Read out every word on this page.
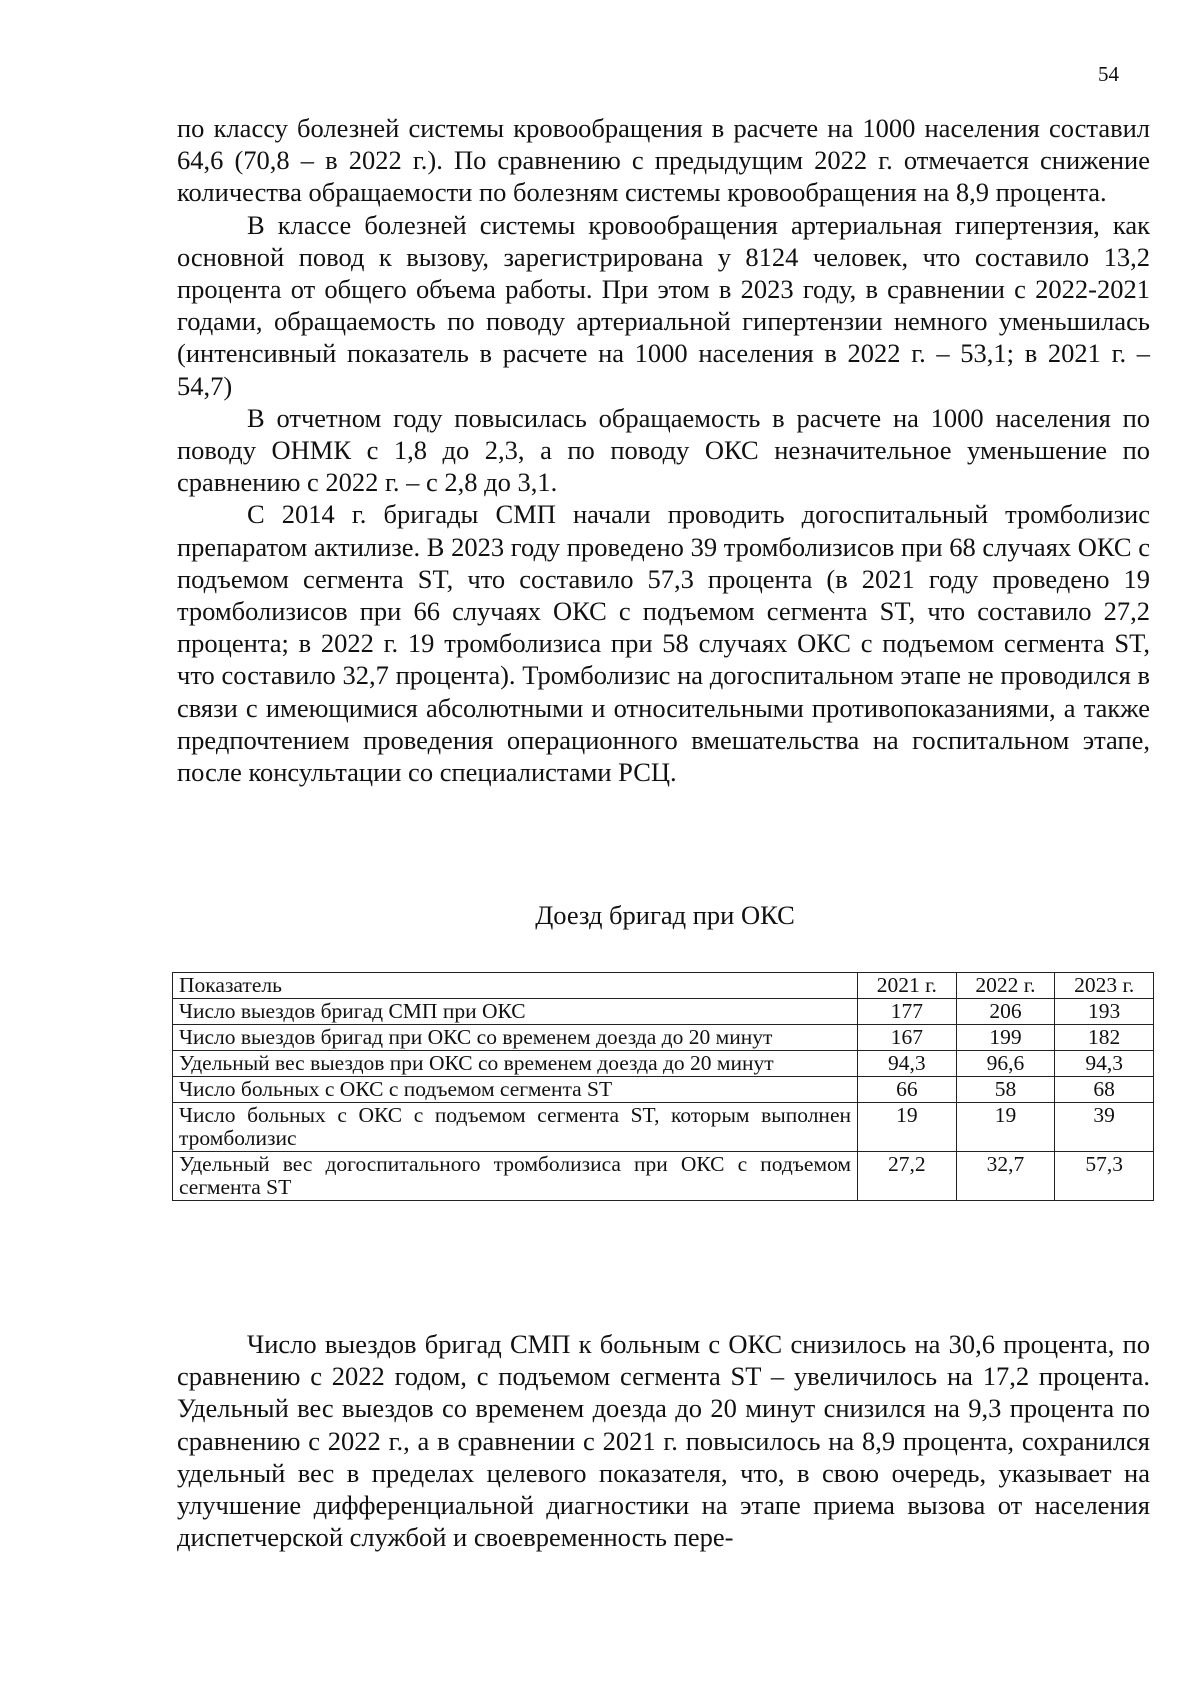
54

по классу болезней системы кровообращения в расчете на 1000 населения составил 64,6 (70,8 – в 2022 г.). По сравнению с предыдущим 2022 г. отмечается снижение количества обращаемости по болезням системы кровообращения на 8,9 процента.

В классе болезней системы кровообращения артериальная гипертензия, как основной повод к вызову, зарегистрирована у 8124 человек, что составило 13,2 процента от общего объема работы. При этом в 2023 году, в сравнении с 2022-2021 годами, обращаемость по поводу артериальной гипертензии немного уменьшилась (интенсивный показатель в расчете на 1000 населения в 2022 г. – 53,1; в 2021 г. – 54,7)

В отчетном году повысилась обращаемость в расчете на 1000 населения по поводу ОНМК с 1,8 до 2,3, а по поводу ОКС незначительное уменьшение по сравнению с 2022 г. – с 2,8 до 3,1.

С 2014 г. бригады СМП начали проводить догоспитальный тромболизис препаратом актилизе. В 2023 году проведено 39 тромболизисов при 68 случаях ОКС с подъемом сегмента ST, что составило 57,3 процента (в 2021 году проведено 19 тромболизисов при 66 случаях ОКС с подъемом сегмента ST, что составило 27,2 процента; в 2022 г. 19 тромболизиса при 58 случаях ОКС с подъемом сегмента ST, что составило 32,7 процента). Тромболизис на догоспитальном этапе не проводился в связи с имеющимися абсолютными и относительными противопоказаниями, а также предпочтением проведения операционного вмешательства на госпитальном этапе, после консультации со специалистами РСЦ.

Доезд бригад при ОКС
Показатель	2021 г.	2022 г.	2023 г.
Число выездов бригад СМП при ОКС	177	206	193
Число выездов бригад при ОКС со временем доезда до 20 минут	167	199	182
Удельный вес выездов при ОКС со временем доезда до 20 минут	94,3	96,6	94,3
Число больных с ОКС с подъемом сегмента ST	66	58	68
Число больных с ОКС с подъемом сегмента ST, которым выполнен тромболизис	19	19	39
Удельный вес догоспитального тромболизиса при ОКС с подъемом сегмента ST	27,2	32,7	57,3

Число выездов бригад СМП к больным с ОКС снизилось на 30,6 процента, по сравнению с 2022 годом, с подъемом сегмента ST – увеличилось на 17,2 процента. Удельный вес выездов со временем доезда до 20 минут снизился на 9,3 процента по сравнению с 2022 г., а в сравнении с 2021 г. повысилось на 8,9 процента, сохранился удельный вес в пределах целевого показателя, что, в свою очередь, указывает на улучшение дифференциальной диагностики на этапе приема вызова от населения диспетчерской службой и своевременность пере-
